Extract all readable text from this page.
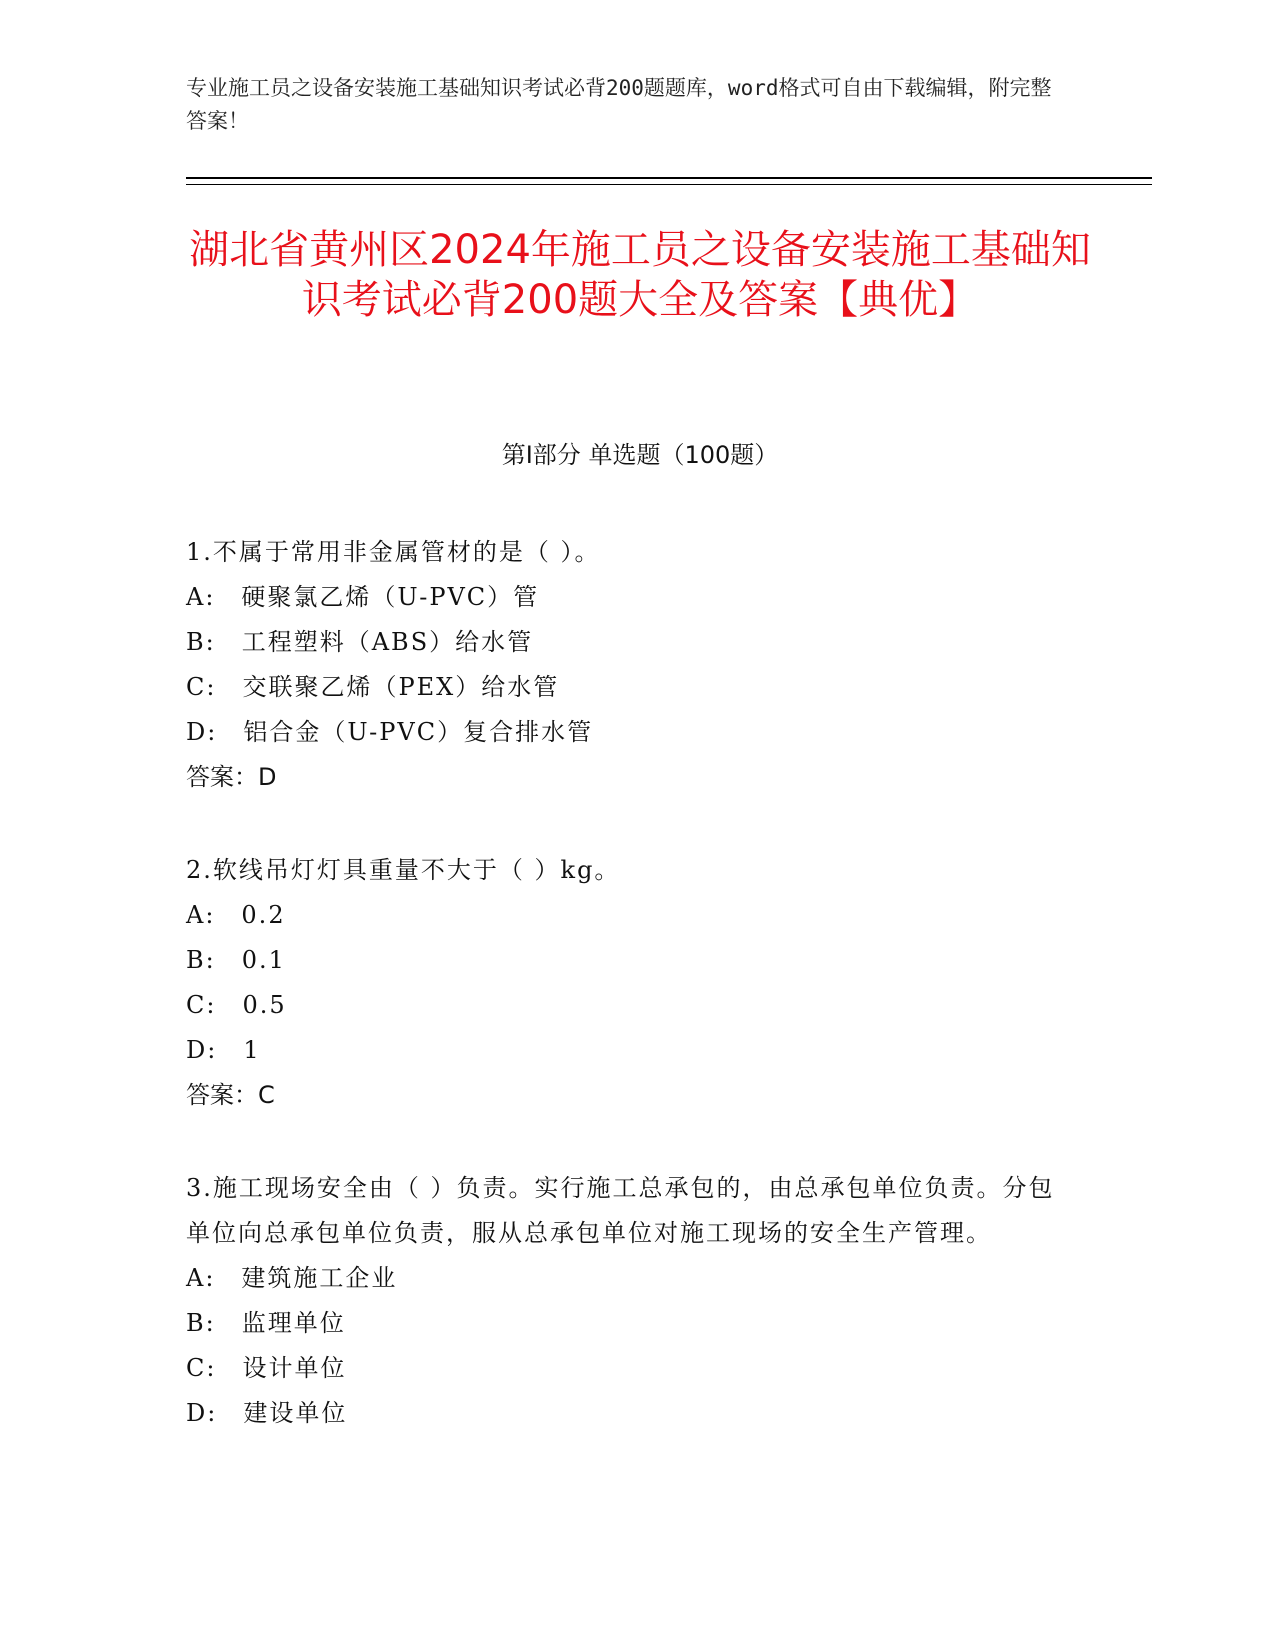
专业施工员之设备安装施工基础知识考试必背200题题库，word格式可自由下载编辑，附完整答案！

湖北省黄州区2024年施工员之设备安装施工基础知识考试必背200题大全及答案【典优】
第I部分 单选题（100题）

1.不属于常用非金属管材的是（ ）。

A:　硬聚氯乙烯（U-PVC）管

B:　工程塑料（ABS）给水管

C:　交联聚乙烯（PEX）给水管

D:　铝合金（U-PVC）复合排水管

答案：D

2.软线吊灯灯具重量不大于（ ）kg。

A:　0.2

B:　0.1

C:　0.5

D:　1

答案：C

3.施工现场安全由（ ）负责。实行施工总承包的，由总承包单位负责。分包单位向总承包单位负责，服从总承包单位对施工现场的安全生产管理。

A:　建筑施工企业

B:　监理单位

C:　设计单位

D:　建设单位
